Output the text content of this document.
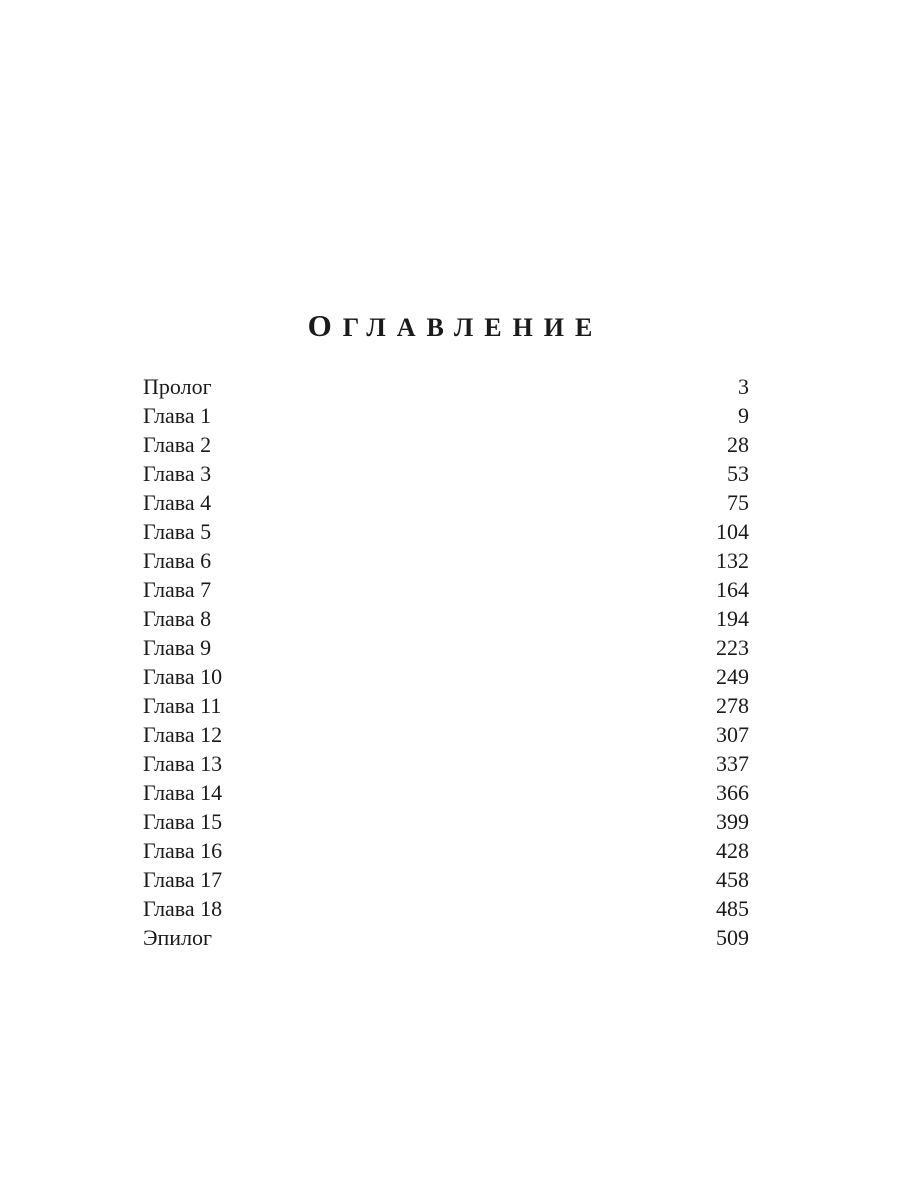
ОГЛАВЛЕНИЕ
Пролог	3
Глава 1	9
Глава 2	28
Глава 3	53
Глава 4	75
Глава 5	104
Глава 6	132
Глава 7	164
Глава 8	194
Глава 9	223
Глава 10	249
Глава 11	278
Глава 12	307
Глава 13	337
Глава 14	366
Глава 15	399
Глава 16	428
Глава 17	458
Глава 18	485
Эпилог	509
